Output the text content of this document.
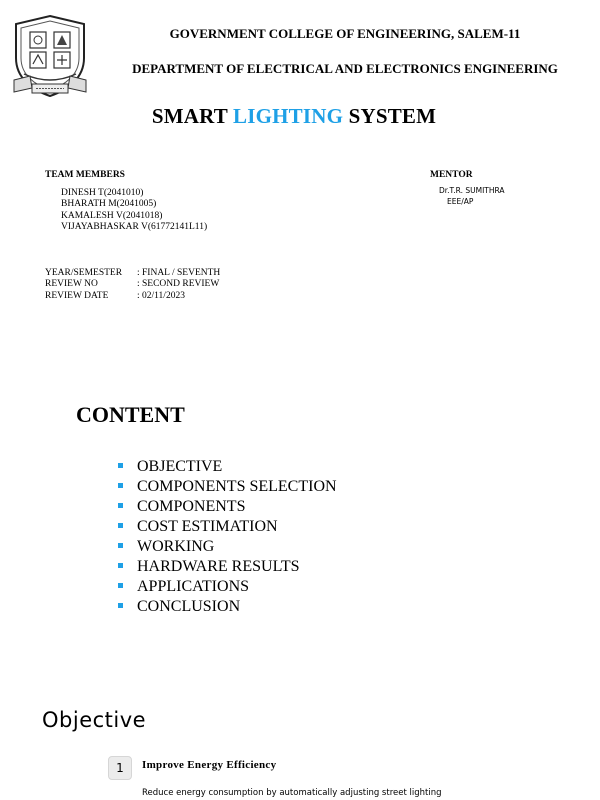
GOVERNMENT COLLEGE OF ENGINEERING, SALEM-11
DEPARTMENT OF ELECTRICAL AND ELECTRONICS ENGINEERING
SMART LIGHTING SYSTEM
TEAM MEMBERS
DINESH T(2041010)
BHARATH M(2041005)
KAMALESH V(2041018)
VIJAYABHASKAR V(61772141L11)
MENTOR
Dr.T.R. SUMITHRA
EEE/AP
YEAR/SEMESTER	: FINAL / SEVENTH
REVIEW NO	: SECOND REVIEW
REVIEW DATE	: 02/11/2023
CONTENT
OBJECTIVE
COMPONENTS SELECTION
COMPONENTS
COST ESTIMATION
WORKING
HARDWARE RESULTS
APPLICATIONS
CONCLUSION
Objective
1	Improve Energy Efficiency
Reduce energy consumption by automatically adjusting street lighting
